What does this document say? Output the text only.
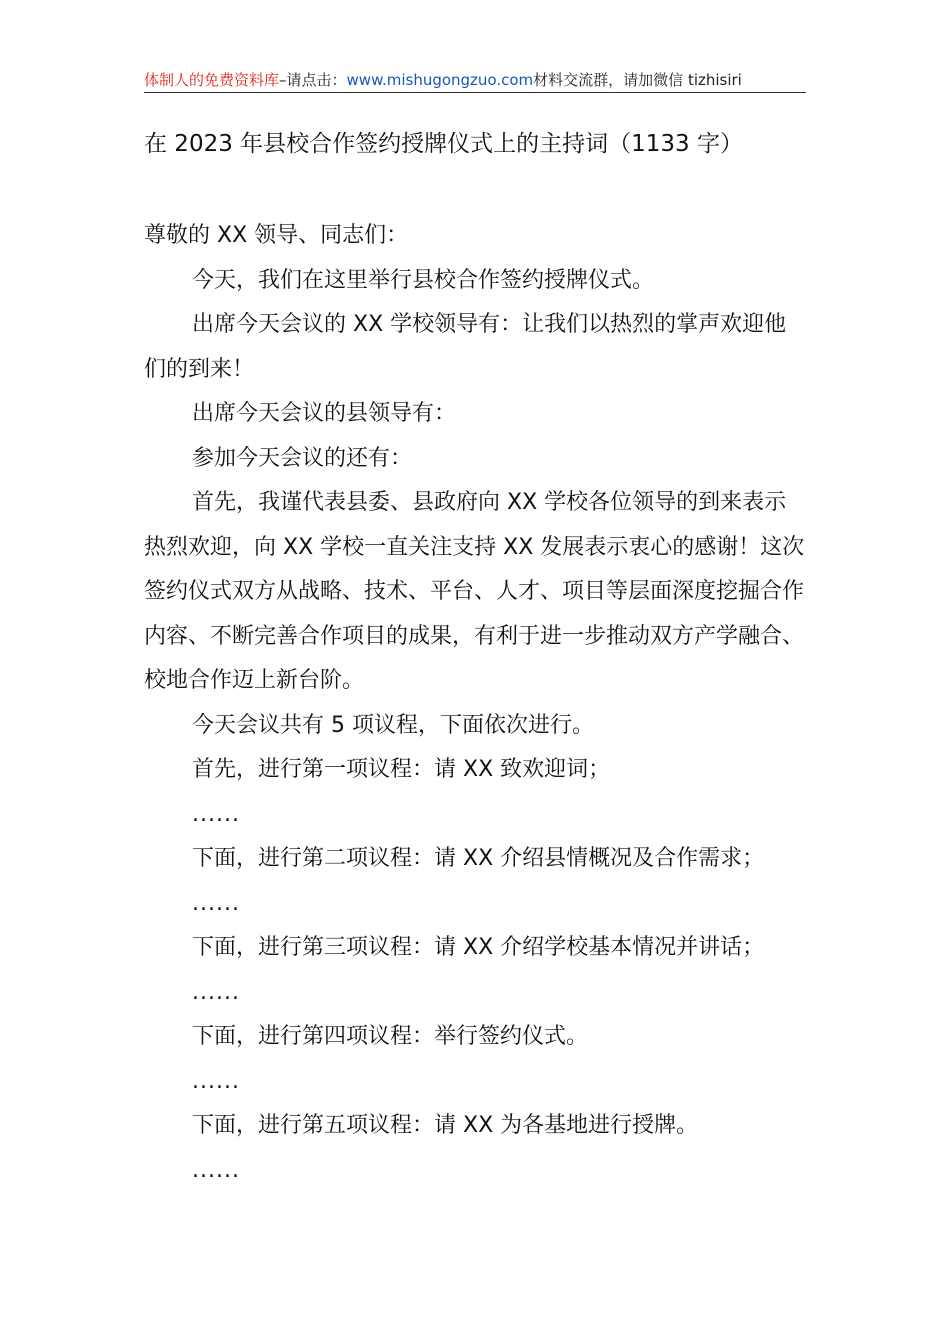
体制人的免费资料库–请点击：www.mishugongzuo.com材料交流群，请加微信 tizhisiri
在 2023 年县校合作签约授牌仪式上的主持词（1133 字）

尊敬的 XX 领导、同志们：

今天，我们在这里举行县校合作签约授牌仪式。

出席今天会议的 XX 学校领导有：让我们以热烈的掌声欢迎他们的到来！

出席今天会议的县领导有：

参加今天会议的还有：

首先，我谨代表县委、县政府向 XX 学校各位领导的到来表示热烈欢迎，向 XX 学校一直关注支持 XX 发展表示衷心的感谢！这次签约仪式双方从战略、技术、平台、人才、项目等层面深度挖掘合作内容、不断完善合作项目的成果，有利于进一步推动双方产学融合、校地合作迈上新台阶。

今天会议共有 5 项议程，下面依次进行。

首先，进行第一项议程：请 XX 致欢迎词；

......

下面，进行第二项议程：请 XX 介绍县情概况及合作需求；

......

下面，进行第三项议程：请 XX 介绍学校基本情况并讲话；

......

下面，进行第四项议程：举行签约仪式。

......

下面，进行第五项议程：请 XX 为各基地进行授牌。

......
